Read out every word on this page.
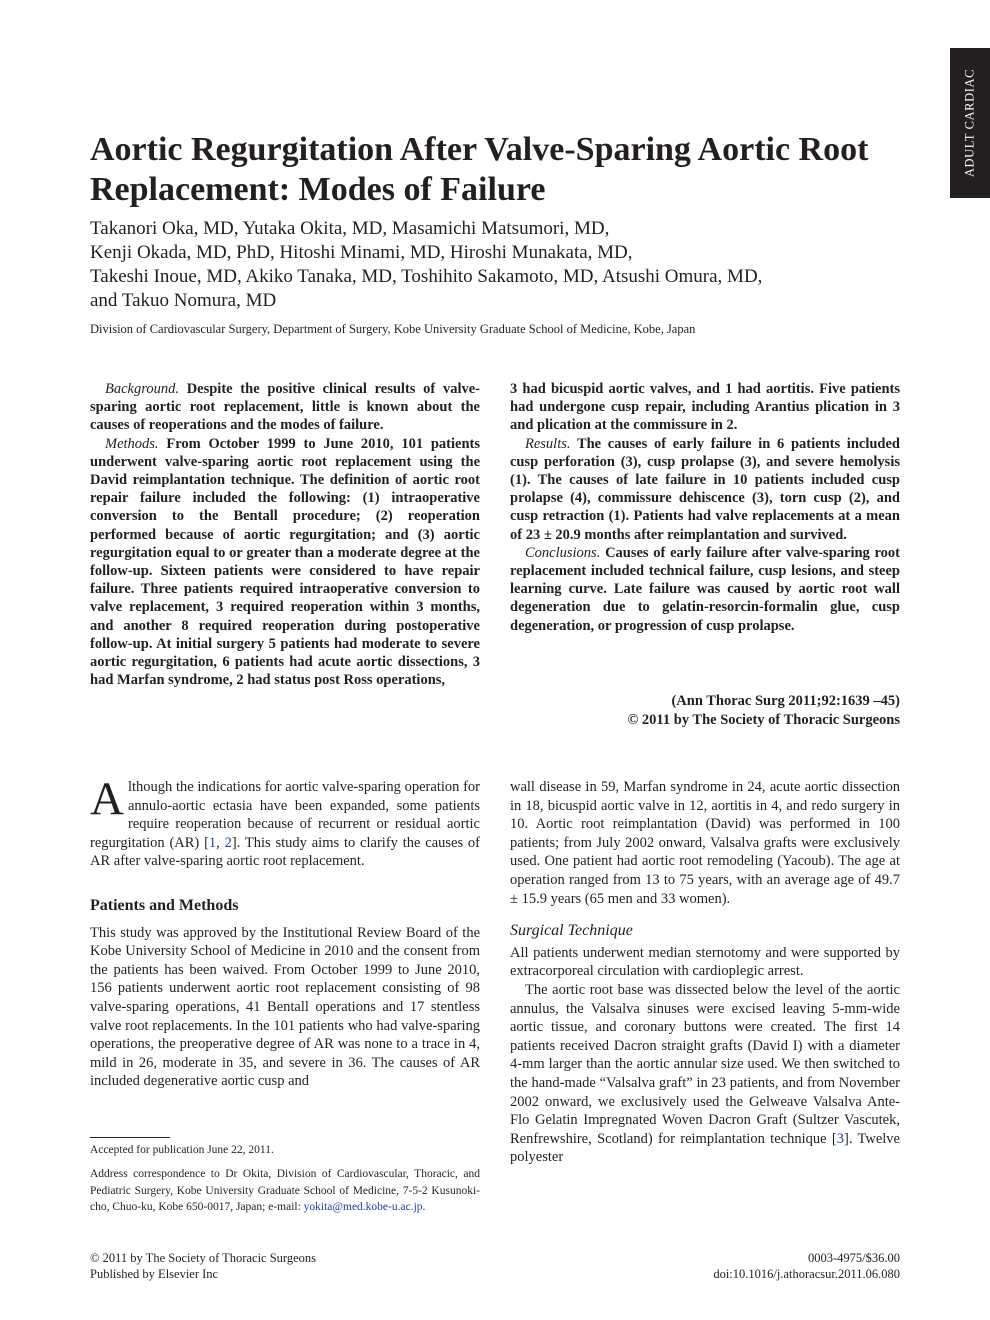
ADULT CARDIAC
Aortic Regurgitation After Valve-Sparing Aortic Root Replacement: Modes of Failure
Takanori Oka, MD, Yutaka Okita, MD, Masamichi Matsumori, MD,
Kenji Okada, MD, PhD, Hitoshi Minami, MD, Hiroshi Munakata, MD,
Takeshi Inoue, MD, Akiko Tanaka, MD, Toshihito Sakamoto, MD, Atsushi Omura, MD,
and Takuo Nomura, MD
Division of Cardiovascular Surgery, Department of Surgery, Kobe University Graduate School of Medicine, Kobe, Japan

Background. Despite the positive clinical results of valve-sparing aortic root replacement, little is known about the causes of reoperations and the modes of failure.

Methods. From October 1999 to June 2010, 101 patients underwent valve-sparing aortic root replacement using the David reimplantation technique. The definition of aortic root repair failure included the following: (1) intraoperative conversion to the Bentall procedure; (2) reoperation performed because of aortic regurgitation; and (3) aortic regurgitation equal to or greater than a moderate degree at the follow-up. Sixteen patients were considered to have repair failure. Three patients required intraoperative conversion to valve replacement, 3 required reoperation within 3 months, and another 8 required reoperation during postoperative follow-up. At initial surgery 5 patients had moderate to severe aortic regurgitation, 6 patients had acute aortic dissections, 3 had Marfan syndrome, 2 had status post Ross operations,

3 had bicuspid aortic valves, and 1 had aortitis. Five patients had undergone cusp repair, including Arantius plication in 3 and plication at the commissure in 2.

Results. The causes of early failure in 6 patients included cusp perforation (3), cusp prolapse (3), and severe hemolysis (1). The causes of late failure in 10 patients included cusp prolapse (4), commissure dehiscence (3), torn cusp (2), and cusp retraction (1). Patients had valve replacements at a mean of 23 ± 20.9 months after reimplantation and survived.

Conclusions. Causes of early failure after valve-sparing root replacement included technical failure, cusp lesions, and steep learning curve. Late failure was caused by aortic root wall degeneration due to gelatin-resorcin-formalin glue, cusp degeneration, or progression of cusp prolapse.

(Ann Thorac Surg 2011;92:1639 –45)
© 2011 by The Society of Thoracic Surgeons

Although the indications for aortic valve-sparing operation for annulo-aortic ectasia have been expanded, some patients require reoperation because of recurrent or residual aortic regurgitation (AR) [1, 2]. This study aims to clarify the causes of AR after valve-sparing aortic root replacement.

Patients and Methods

This study was approved by the Institutional Review Board of the Kobe University School of Medicine in 2010 and the consent from the patients has been waived. From October 1999 to June 2010, 156 patients underwent aortic root replacement consisting of 98 valve-sparing operations, 41 Bentall operations and 17 stentless valve root replacements. In the 101 patients who had valve-sparing operations, the preoperative degree of AR was none to a trace in 4, mild in 26, moderate in 35, and severe in 36. The causes of AR included degenerative aortic cusp and

wall disease in 59, Marfan syndrome in 24, acute aortic dissection in 18, bicuspid aortic valve in 12, aortitis in 4, and redo surgery in 10. Aortic root reimplantation (David) was performed in 100 patients; from July 2002 onward, Valsalva grafts were exclusively used. One patient had aortic root remodeling (Yacoub). The age at operation ranged from 13 to 75 years, with an average age of 49.7 ± 15.9 years (65 men and 33 women).

Surgical Technique

All patients underwent median sternotomy and were supported by extracorporeal circulation with cardioplegic arrest.

The aortic root base was dissected below the level of the aortic annulus, the Valsalva sinuses were excised leaving 5-mm-wide aortic tissue, and coronary buttons were created. The first 14 patients received Dacron straight grafts (David I) with a diameter 4-mm larger than the aortic annular size used. We then switched to the hand-made “Valsalva graft” in 23 patients, and from November 2002 onward, we exclusively used the Gelweave Valsalva Ante-Flo Gelatin Impregnated Woven Dacron Graft (Sultzer Vascutek, Renfrewshire, Scotland) for reimplantation technique [3]. Twelve polyester

Accepted for publication June 22, 2011.
Address correspondence to Dr Okita, Division of Cardiovascular, Thoracic, and Pediatric Surgery, Kobe University Graduate School of Medicine, 7-5-2 Kusunoki-cho, Chuo-ku, Kobe 650-0017, Japan; e-mail: yokita@med.kobe-u.ac.jp.
© 2011 by The Society of Thoracic Surgeons
Published by Elsevier Inc
0003-4975/$36.00
doi:10.1016/j.athoracsur.2011.06.080
